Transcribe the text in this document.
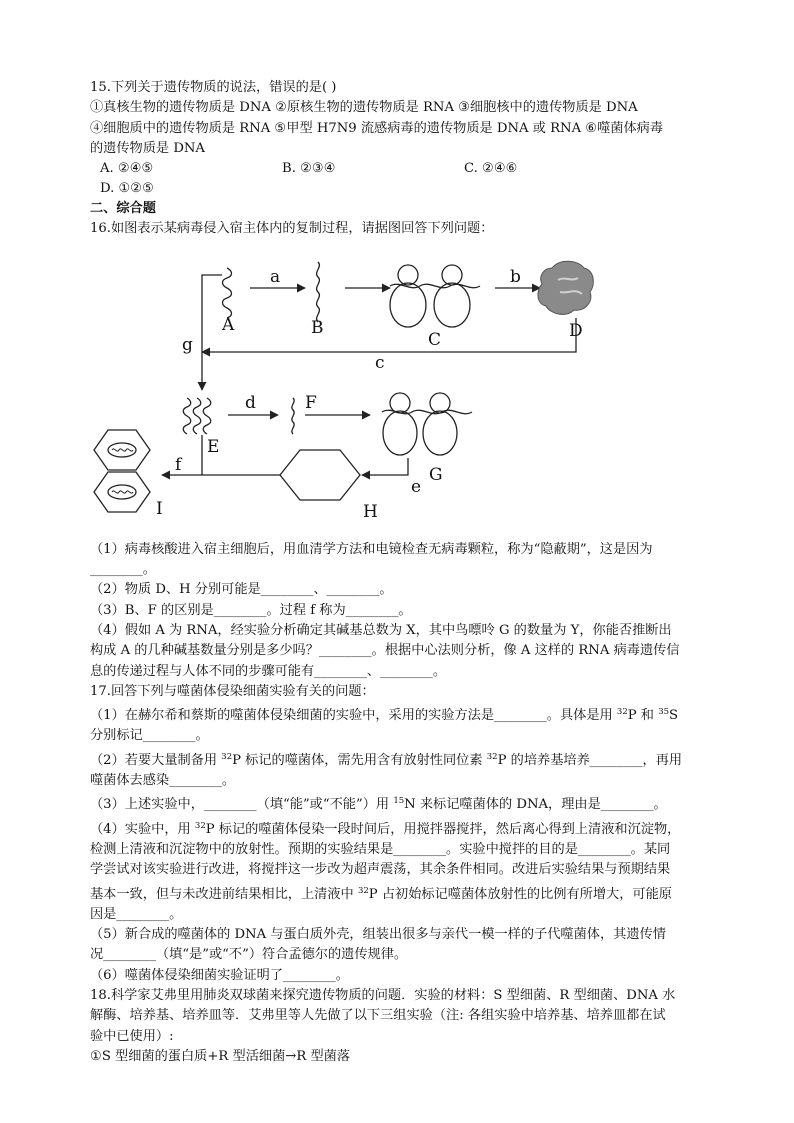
15.下列关于遗传物质的说法，错误的是( )
①真核生物的遗传物质是 DNA ②原核生物的遗传物质是 RNA ③细胞核中的遗传物质是 DNA
④细胞质中的遗传物质是 RNA ⑤甲型 H7N9 流感病毒的遗传物质是 DNA 或 RNA ⑥噬菌体病毒
的遗传物质是 DNA
A. ②④⑤	B. ②③④	C. ②④⑥
D. ①②⑤
二、综合题
16.如图表示某病毒侵入宿主体内的复制过程，请据图回答下列问题：
A	B
C	D
E
F
G
H
I
a	b
c
d
e
f
g
（1）病毒核酸进入宿主细胞后，用血清学方法和电镜检查无病毒颗粒，称为“隐蔽期”，这是因为
________。
（2）物质 D、H 分别可能是________、________。
（3）B、F 的区别是________。过程 f 称为________。
（4）假如 A 为 RNA，经实验分析确定其碱基总数为 X，其中鸟嘌呤 G 的数量为 Y，你能否推断出
构成 A 的几种碱基数量分别是多少吗？________。根据中心法则分析，像 A 这样的 RNA 病毒遗传信
息的传递过程与人体不同的步骤可能有________、________。
17.回答下列与噬菌体侵染细菌实验有关的问题：
（1）在赫尔希和蔡斯的噬菌体侵染细菌的实验中，采用的实验方法是________。具体是用 $^{32}$P 和 $^{35}$S
分别标记________。
（2）若要大量制备用 $^{32}$P 标记的噬菌体，需先用含有放射性同位素 $^{32}$P 的培养基培养________，再用
噬菌体去感染________。
（3）上述实验中，________（填“能”或“不能”）用 $^{15}$N 来标记噬菌体的 DNA，理由是________。
（4）实验中，用 $^{32}$P 标记的噬菌体侵染一段时间后，用搅拌器搅拌，然后离心得到上清液和沉淀物，
检测上清液和沉淀物中的放射性。预期的实验结果是________。实验中搅拌的目的是________。某同
学尝试对该实验进行改进，将搅拌这一步改为超声震荡，其余条件相同。改进后实验结果与预期结果
基本一致，但与未改进前结果相比，上清液中 $^{32}$P 占初始标记噬菌体放射性的比例有所增大，可能原
因是________。
（5）新合成的噬菌体的 DNA 与蛋白质外壳，组装出很多与亲代一模一样的子代噬菌体，其遗传情
况________（填“是”或“不”）符合孟德尔的遗传规律。
（6）噬菌体侵染细菌实验证明了________。
18.科学家艾弗里用肺炎双球菌来探究遗传物质的问题．实验的材料：S 型细菌、R 型细菌、DNA 水
解酶、培养基、培养皿等．艾弗里等人先做了以下三组实验（注: 各组实验中培养基、培养皿都在试
验中已使用）:
①S 型细菌的蛋白质+R 型活细菌→R 型菌落
